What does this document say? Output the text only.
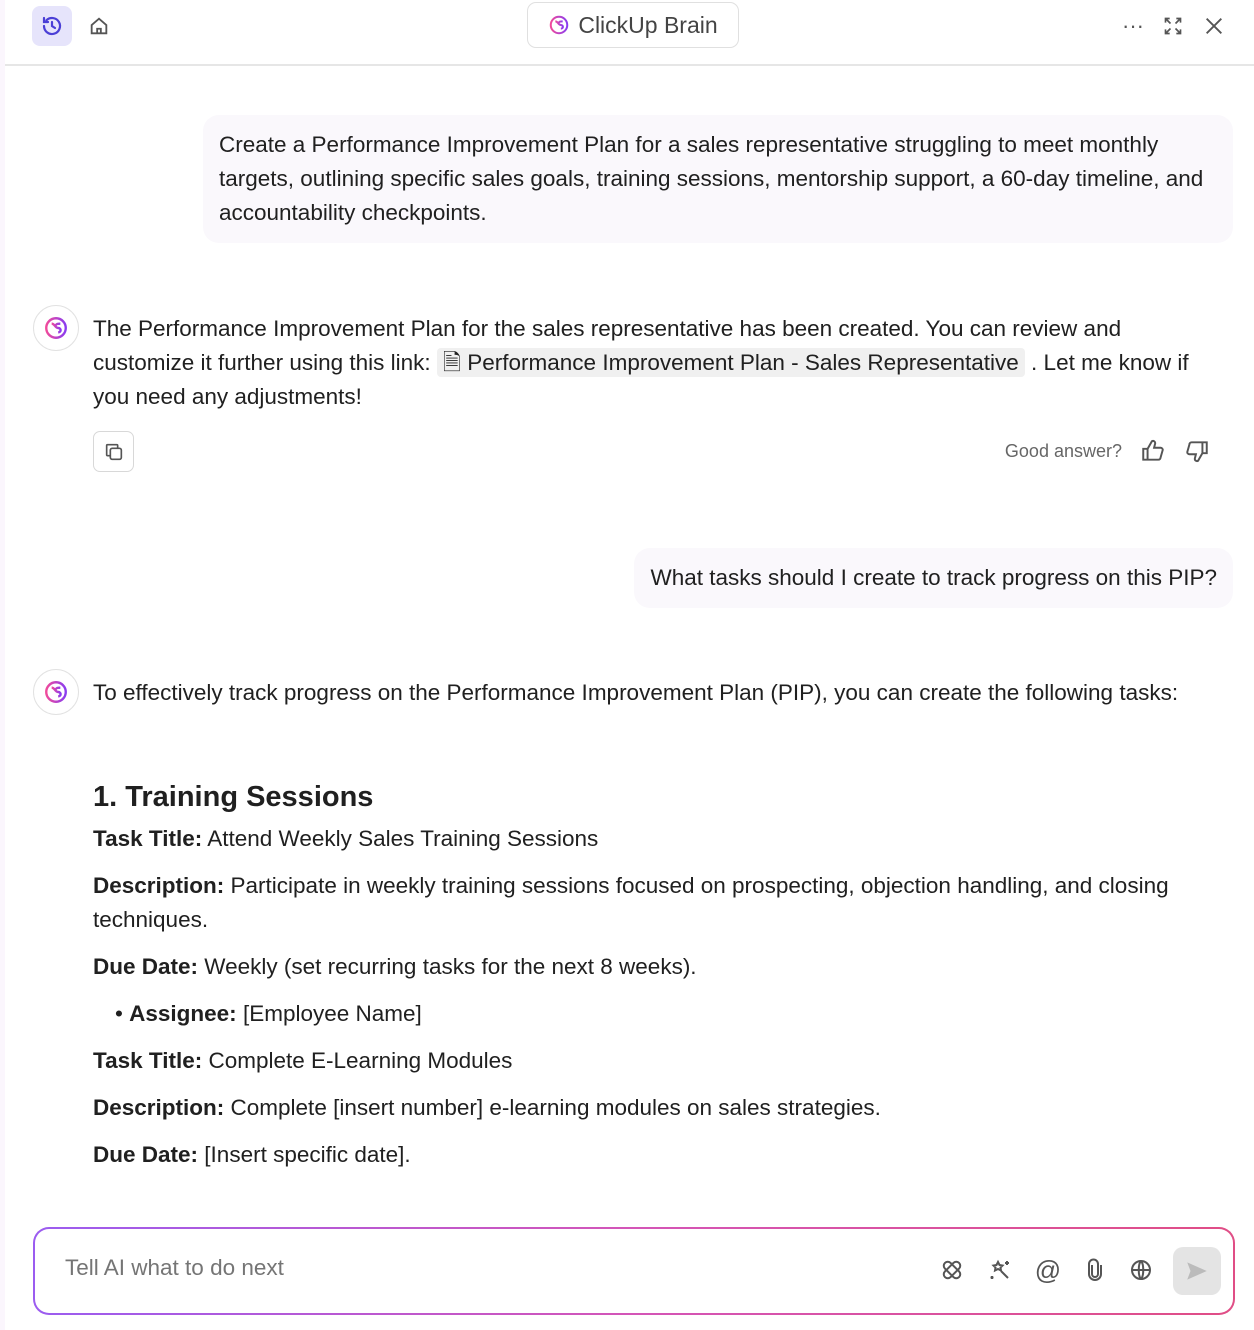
ClickUp Brain	···
Create a Performance Improvement Plan for a sales representative struggling to meet monthly targets, outlining specific sales goals, training sessions, mentorship support, a 60-day timeline, and accountability checkpoints.
The Performance Improvement Plan for the sales representative has been created. You can review and customize it further using this link: 🗎 Performance Improvement Plan - Sales Representative . Let me know if you need any adjustments!
Good answer?
What tasks should I create to track progress on this PIP?

To effectively track progress on the Performance Improvement Plan (PIP), you can create the following tasks:

1. Training Sessions

Task Title: Attend Weekly Sales Training Sessions

Description: Participate in weekly training sessions focused on prospecting, objection handling, and closing techniques.

Due Date: Weekly (set recurring tasks for the next 8 weeks).

• Assignee: [Employee Name]

Task Title: Complete E-Learning Modules

Description: Complete [insert number] e-learning modules on sales strategies.

Due Date: [Insert specific date].

Tell AI what to do next
@
